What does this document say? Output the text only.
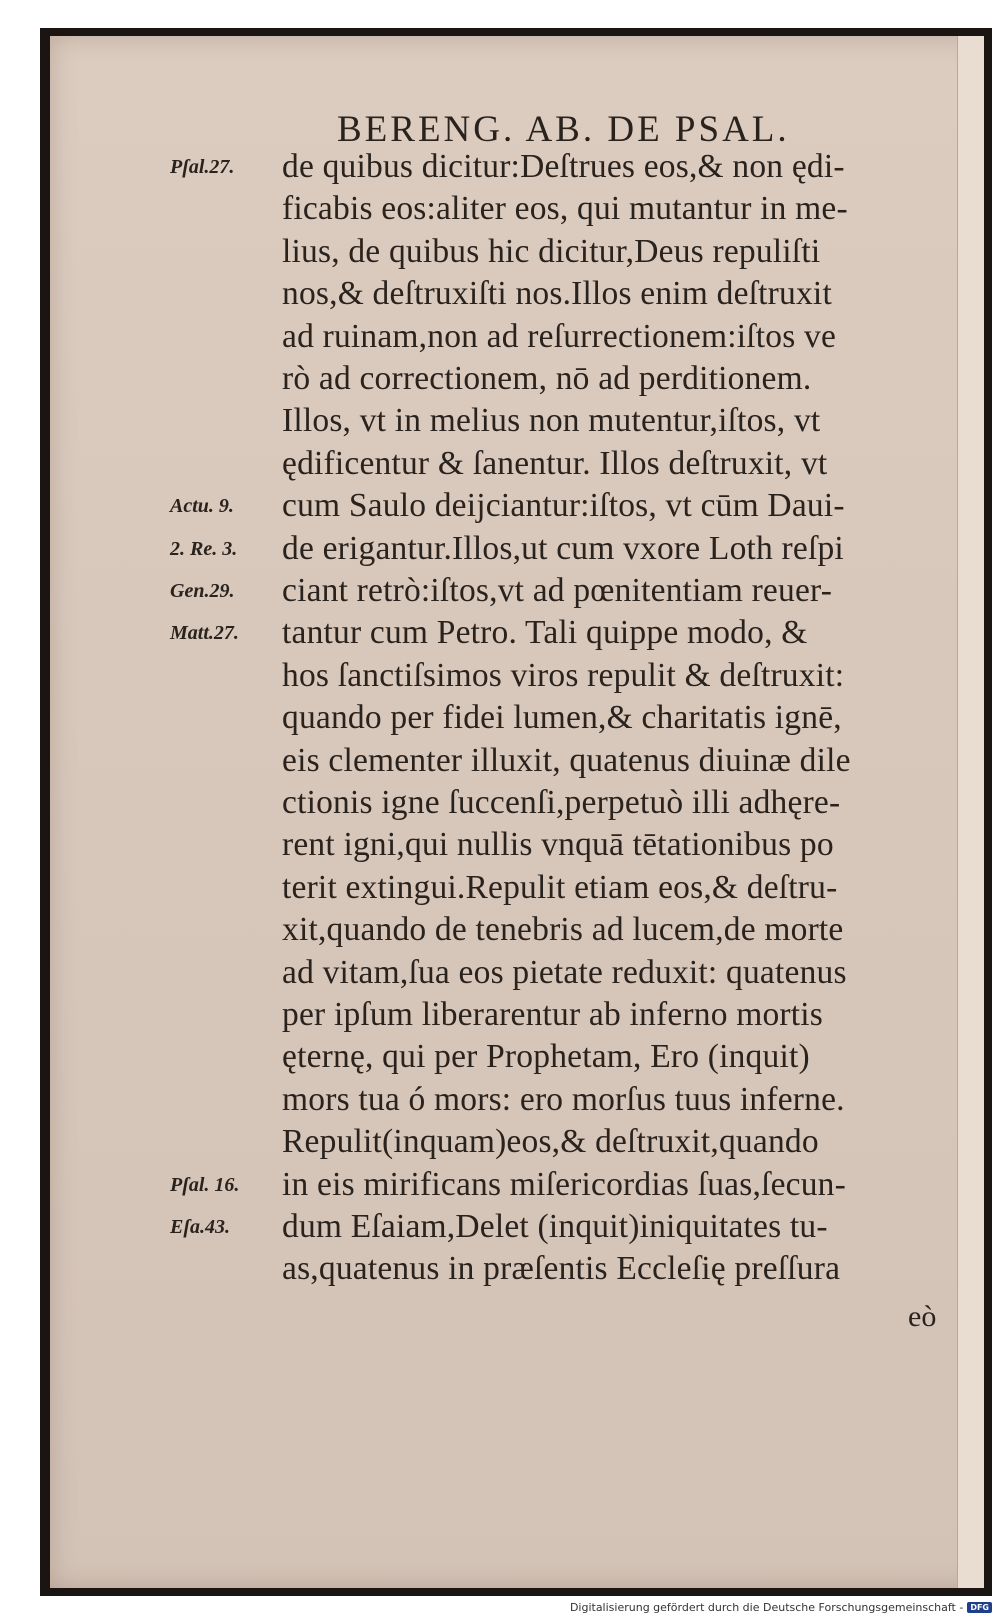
BERENG. AB. DE PSAL.
de quibus dicitur:Deſtrues eos,& non ędi-
ficabis eos:aliter eos, qui mutantur in me-
lius, de quibus hic dicitur,Deus repuliſti
nos,& deſtruxiſti nos.Illos enim deſtruxit
ad ruinam,non ad reſurrectionem:iſtos ve
rò ad correctionem, nō ad perditionem.
Illos, vt in melius non mutentur,iſtos, vt
ędificentur & ſanentur. Illos deſtruxit, vt
cum Saulo deijciantur:iſtos, vt cūm Daui-
de erigantur.Illos,ut cum vxore Loth reſpi
ciant retrò:iſtos,vt ad pœnitentiam reuer-
tantur cum Petro. Tali quippe modo, &
hos ſanctiſsimos viros repulit & deſtruxit:
quando per fidei lumen,& charitatis ignē,
eis clementer illuxit, quatenus diuinæ dile
ctionis igne ſuccenſi,perpetuò illi adhęre-
rent igni,qui nullis vnquā tētationibus po
terit extingui.Repulit etiam eos,& deſtru-
xit,quando de tenebris ad lucem,de morte
ad vitam,ſua eos pietate reduxit: quatenus
per ipſum liberarentur ab inferno mortis
ęternę, qui per Prophetam, Ero (inquit)
mors tua ó mors: ero morſus tuus inferne.
Repulit(inquam)eos,& deſtruxit,quando
in eis mirificans miſericordias ſuas,ſecun-
dum Eſaiam,Delet (inquit)iniquitates tu-
as,quatenus in præſentis Eccleſię preſſura
Pſal.27.
Actu. 9.
2. Re. 3.
Gen.29.
Matt.27.
Pſal. 16.
Eſa.43.
eò
Digitalisierung gefördert durch die Deutsche Forschungsgemeinschaft - DFG
